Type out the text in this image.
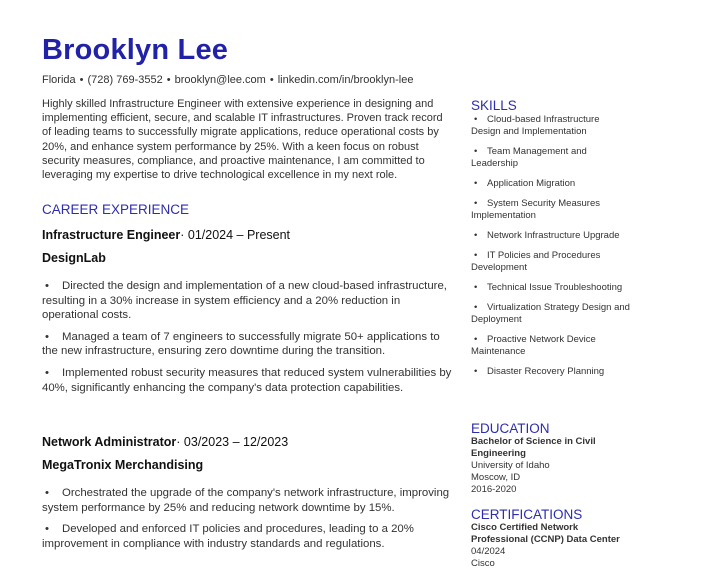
Brooklyn Lee
Florida • (728) 769-3552 • brooklyn@lee.com • linkedin.com/in/brooklyn-lee

Highly skilled Infrastructure Engineer with extensive experience in designing and implementing efficient, secure, and scalable IT infrastructures. Proven track record of leading teams to successfully migrate applications, reduce operational costs by 20%, and enhance system performance by 25%. With a keen focus on robust security measures, compliance, and proactive maintenance, I am committed to leveraging my expertise to drive technological excellence in my next role.

CAREER EXPERIENCE
Infrastructure Engineer· 01/2024 – Present
DesignLab
• Directed the design and implementation of a new cloud-based infrastructure, resulting in a 30% increase in system efficiency and a 20% reduction in operational costs.
• Managed a team of 7 engineers to successfully migrate 50+ applications to the new infrastructure, ensuring zero downtime during the transition.
• Implemented robust security measures that reduced system vulnerabilities by 40%, significantly enhancing the company's data protection capabilities.
Network Administrator· 03/2023 – 12/2023
MegaTronix Merchandising
• Orchestrated the upgrade of the company's network infrastructure, improving system performance by 25% and reducing network downtime by 15%.
• Developed and enforced IT policies and procedures, leading to a 20% improvement in compliance with industry standards and regulations.
SKILLS
• Cloud-based Infrastructure Design and Implementation
• Team Management and Leadership
• Application Migration
• System Security Measures Implementation
• Network Infrastructure Upgrade
• IT Policies and Procedures Development
• Technical Issue Troubleshooting
• Virtualization Strategy Design and Deployment
• Proactive Network Device Maintenance
• Disaster Recovery Planning
EDUCATION
Bachelor of Science in Civil Engineering
University of Idaho
Moscow, ID
2016-2020
CERTIFICATIONS
Cisco Certified Network Professional (CCNP) Data Center
04/2024
Cisco
